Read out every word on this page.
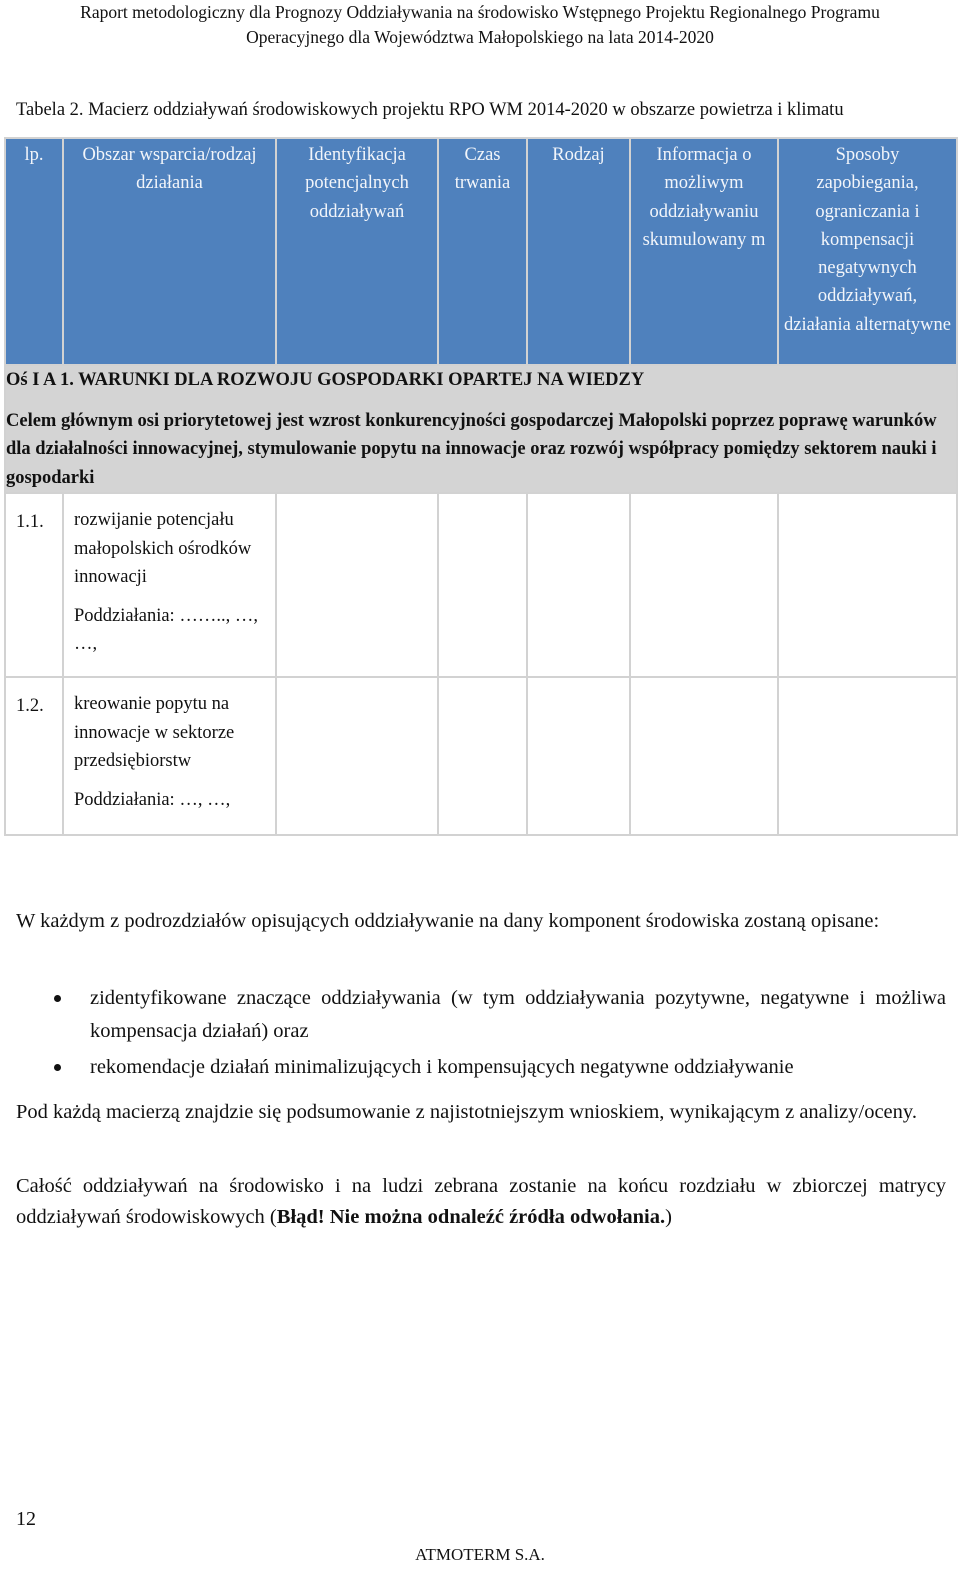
Raport metodologiczny dla Prognozy Oddziaływania na środowisko Wstępnego Projektu Regionalnego Programu
Operacyjnego dla Województwa Małopolskiego na lata 2014-2020
Tabela 2. Macierz oddziaływań środowiskowych projektu RPO WM 2014-2020 w obszarze powietrza i klimatu
lp.	Obszar wsparcia/rodzaj działania	Identyfikacja potencjalnych oddziaływań	Czas trwania	Rodzaj	Informacja o możliwym oddziaływaniu skumulowany m	Sposoby zapobiegania, ograniczania i kompensacji negatywnych oddziaływań, działania alternatywne

Oś I A 1. WARUNKI DLA ROZWOJU GOSPODARKI OPARTEJ NA WIEDZY
Celem głównym osi priorytetowej jest wzrost konkurencyjności gospodarczej Małopolski poprzez poprawę warunków dla działalności innowacyjnej, stymulowanie popytu na innowacje oraz rozwój współpracy pomiędzy sektorem nauki i gospodarki						

1.1.	rozwijanie potencjału małopolskich ośrodków innowacji
Poddziałania: …….., …, …,					

1.2.	kreowanie popytu na innowacje w sektorze przedsiębiorstw
Poddziałania: …, …,					

W każdym z podrozdziałów opisujących oddziaływanie na dany komponent środowiska zostaną opisane:

zidentyfikowane znaczące oddziaływania (w tym oddziaływania pozytywne, negatywne i możliwa kompensacja działań) oraz
rekomendacje działań minimalizujących i kompensujących negatywne oddziaływanie

Pod każdą macierzą znajdzie się podsumowanie z najistotniejszym wnioskiem, wynikającym z analizy/oceny.

Całość oddziaływań na środowisko i na ludzi zebrana zostanie na końcu rozdziału w zbiorczej matrycy oddziaływań środowiskowych (Błąd! Nie można odnaleźć źródła odwołania.)

12
ATMOTERM S.A.
